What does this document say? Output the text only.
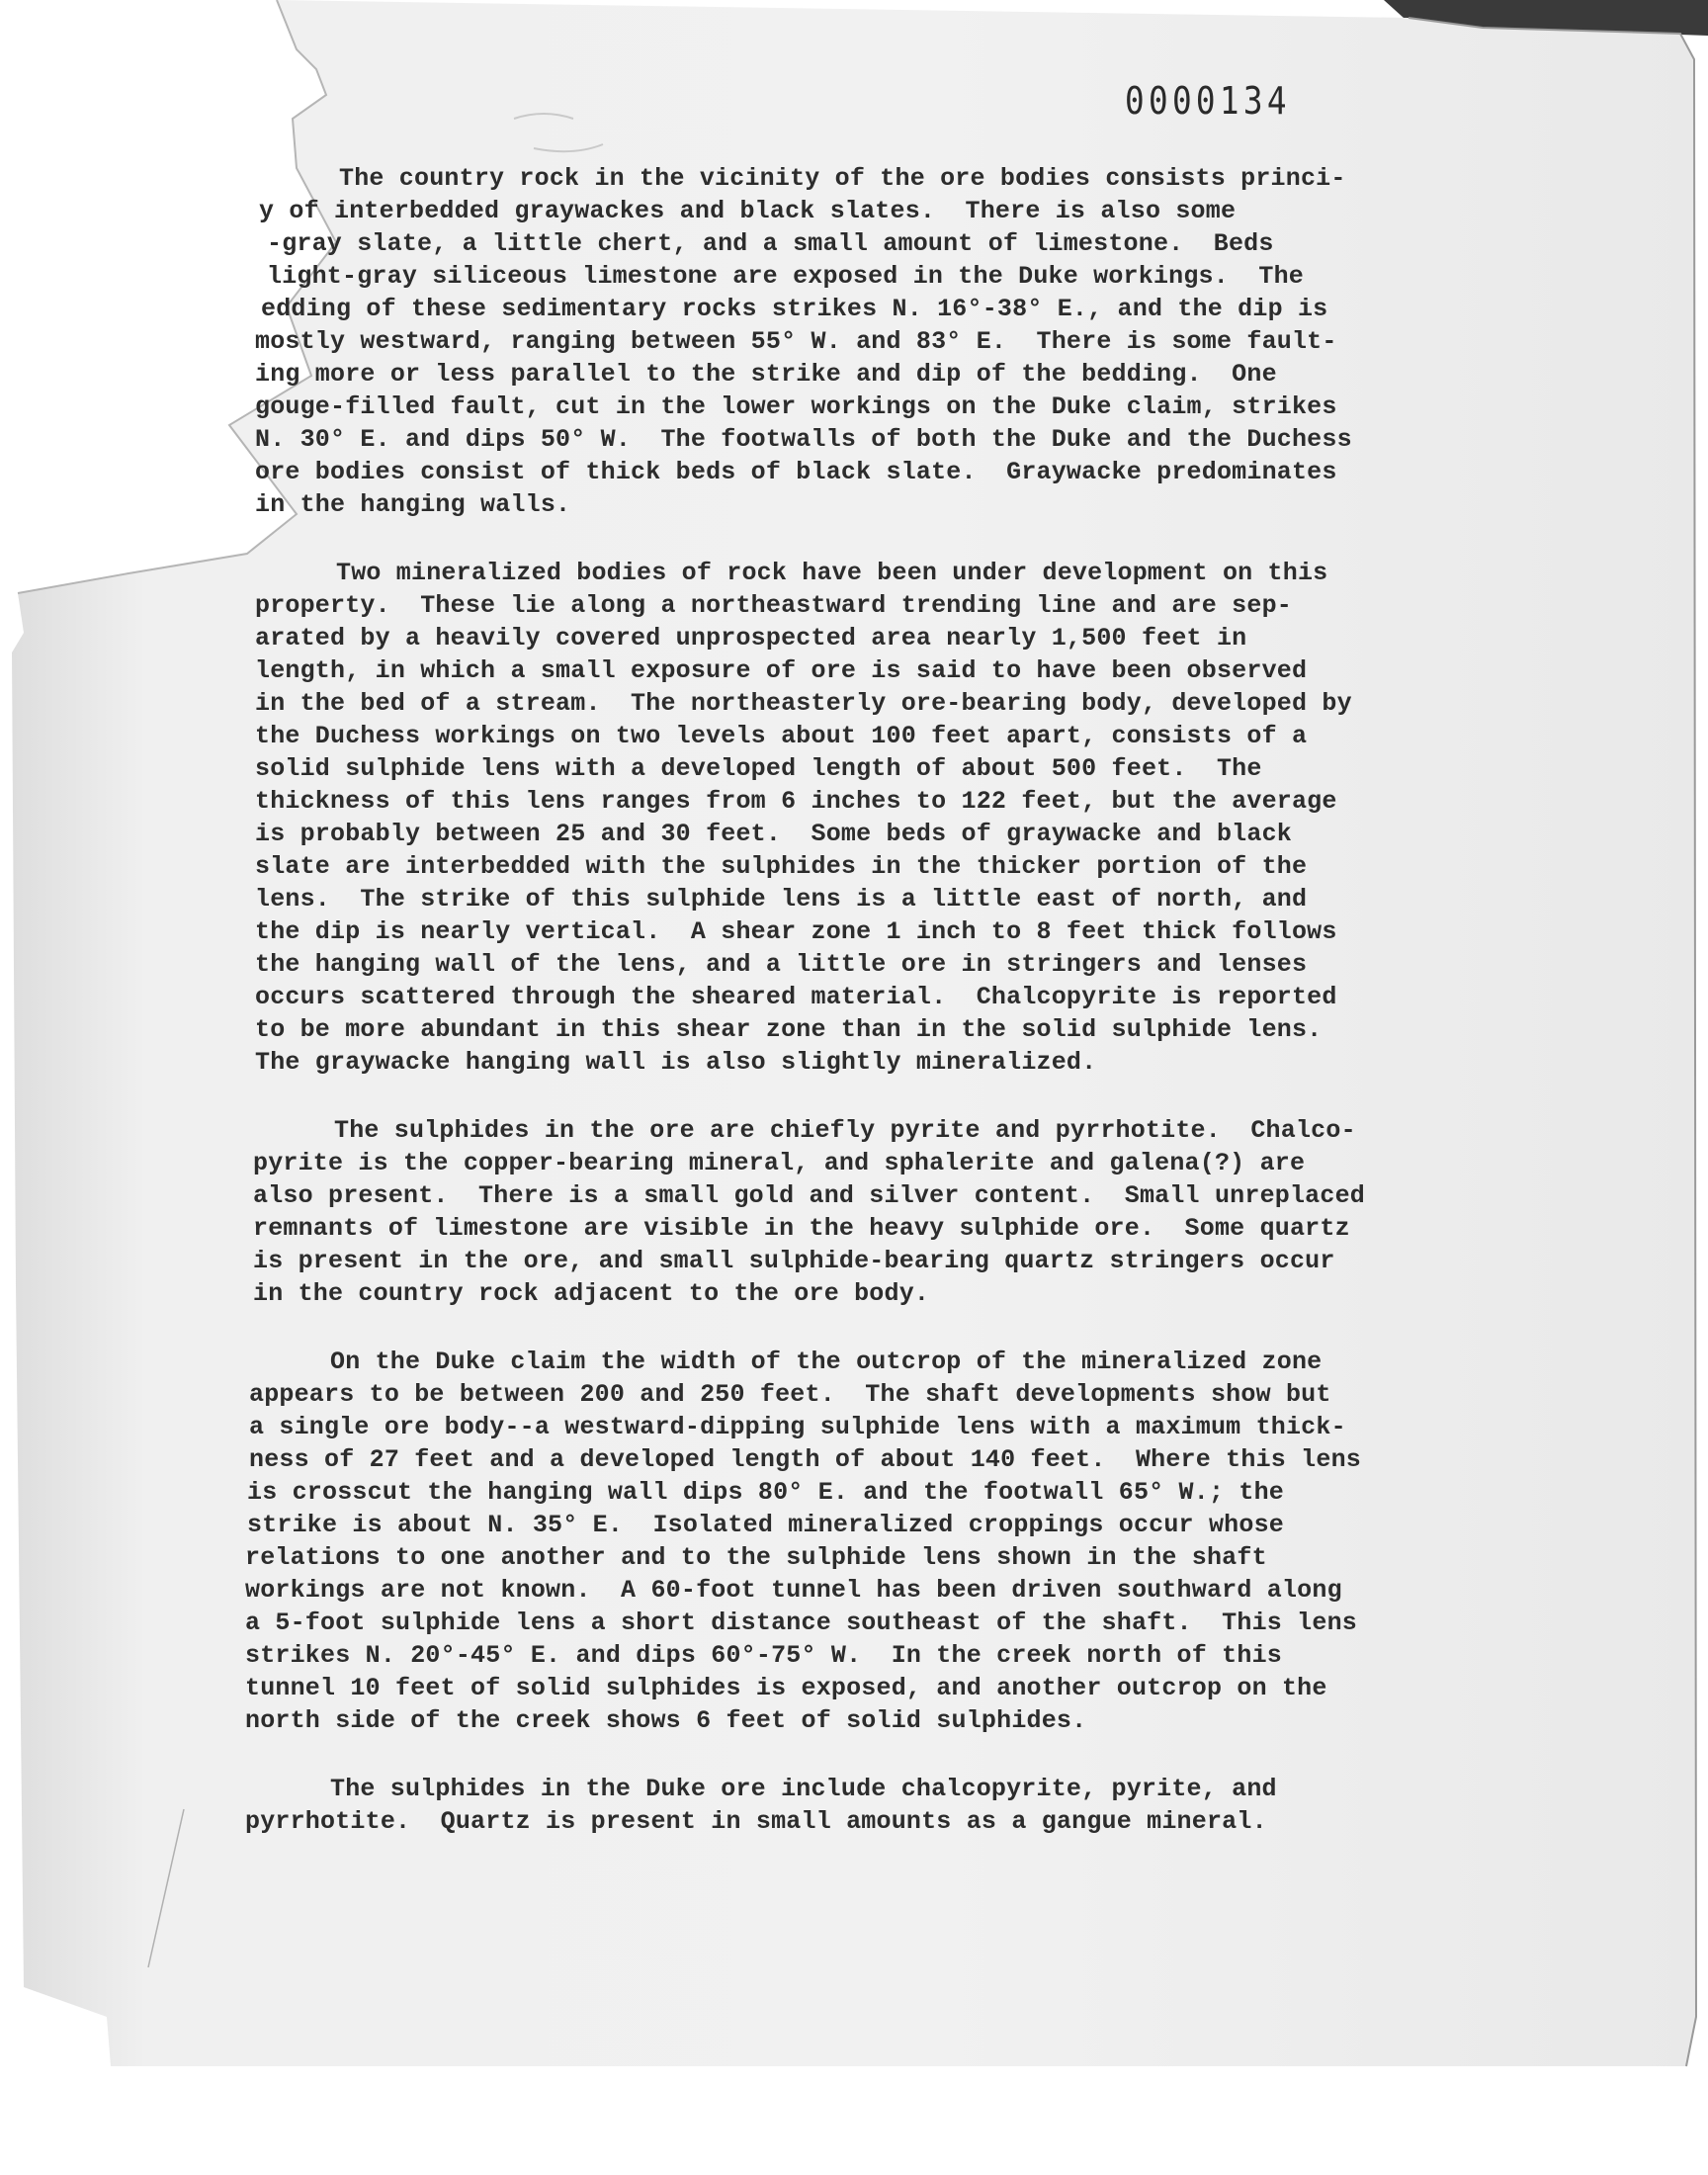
0000134
The country rock in the vicinity of the ore bodies consists princi-
y of interbedded graywackes and black slates.  There is also some
-gray slate, a little chert, and a small amount of limestone.  Beds
light-gray siliceous limestone are exposed in the Duke workings.  The
edding of these sedimentary rocks strikes N. 16°-38° E., and the dip is
mostly westward, ranging between 55° W. and 83° E.  There is some fault-
ing more or less parallel to the strike and dip of the bedding.  One
gouge-filled fault, cut in the lower workings on the Duke claim, strikes
N. 30° E. and dips 50° W.  The footwalls of both the Duke and the Duchess
ore bodies consist of thick beds of black slate.  Graywacke predominates
in the hanging walls.
Two mineralized bodies of rock have been under development on this
property.  These lie along a northeastward trending line and are sep-
arated by a heavily covered unprospected area nearly 1,500 feet in
length, in which a small exposure of ore is said to have been observed
in the bed of a stream.  The northeasterly ore-bearing body, developed by
the Duchess workings on two levels about 100 feet apart, consists of a
solid sulphide lens with a developed length of about 500 feet.  The
thickness of this lens ranges from 6 inches to 122 feet, but the average
is probably between 25 and 30 feet.  Some beds of graywacke and black
slate are interbedded with the sulphides in the thicker portion of the
lens.  The strike of this sulphide lens is a little east of north, and
the dip is nearly vertical.  A shear zone 1 inch to 8 feet thick follows
the hanging wall of the lens, and a little ore in stringers and lenses
occurs scattered through the sheared material.  Chalcopyrite is reported
to be more abundant in this shear zone than in the solid sulphide lens.
The graywacke hanging wall is also slightly mineralized.
The sulphides in the ore are chiefly pyrite and pyrrhotite.  Chalco-
pyrite is the copper-bearing mineral, and sphalerite and galena(?) are
also present.  There is a small gold and silver content.  Small unreplaced
remnants of limestone are visible in the heavy sulphide ore.  Some quartz
is present in the ore, and small sulphide-bearing quartz stringers occur
in the country rock adjacent to the ore body.
On the Duke claim the width of the outcrop of the mineralized zone
appears to be between 200 and 250 feet.  The shaft developments show but
a single ore body--a westward-dipping sulphide lens with a maximum thick-
ness of 27 feet and a developed length of about 140 feet.  Where this lens
is crosscut the hanging wall dips 80° E. and the footwall 65° W.; the
strike is about N. 35° E.  Isolated mineralized croppings occur whose
relations to one another and to the sulphide lens shown in the shaft
workings are not known.  A 60-foot tunnel has been driven southward along
a 5-foot sulphide lens a short distance southeast of the shaft.  This lens
strikes N. 20°-45° E. and dips 60°-75° W.  In the creek north of this
tunnel 10 feet of solid sulphides is exposed, and another outcrop on the
north side of the creek shows 6 feet of solid sulphides.
The sulphides in the Duke ore include chalcopyrite, pyrite, and
pyrrhotite.  Quartz is present in small amounts as a gangue mineral.
